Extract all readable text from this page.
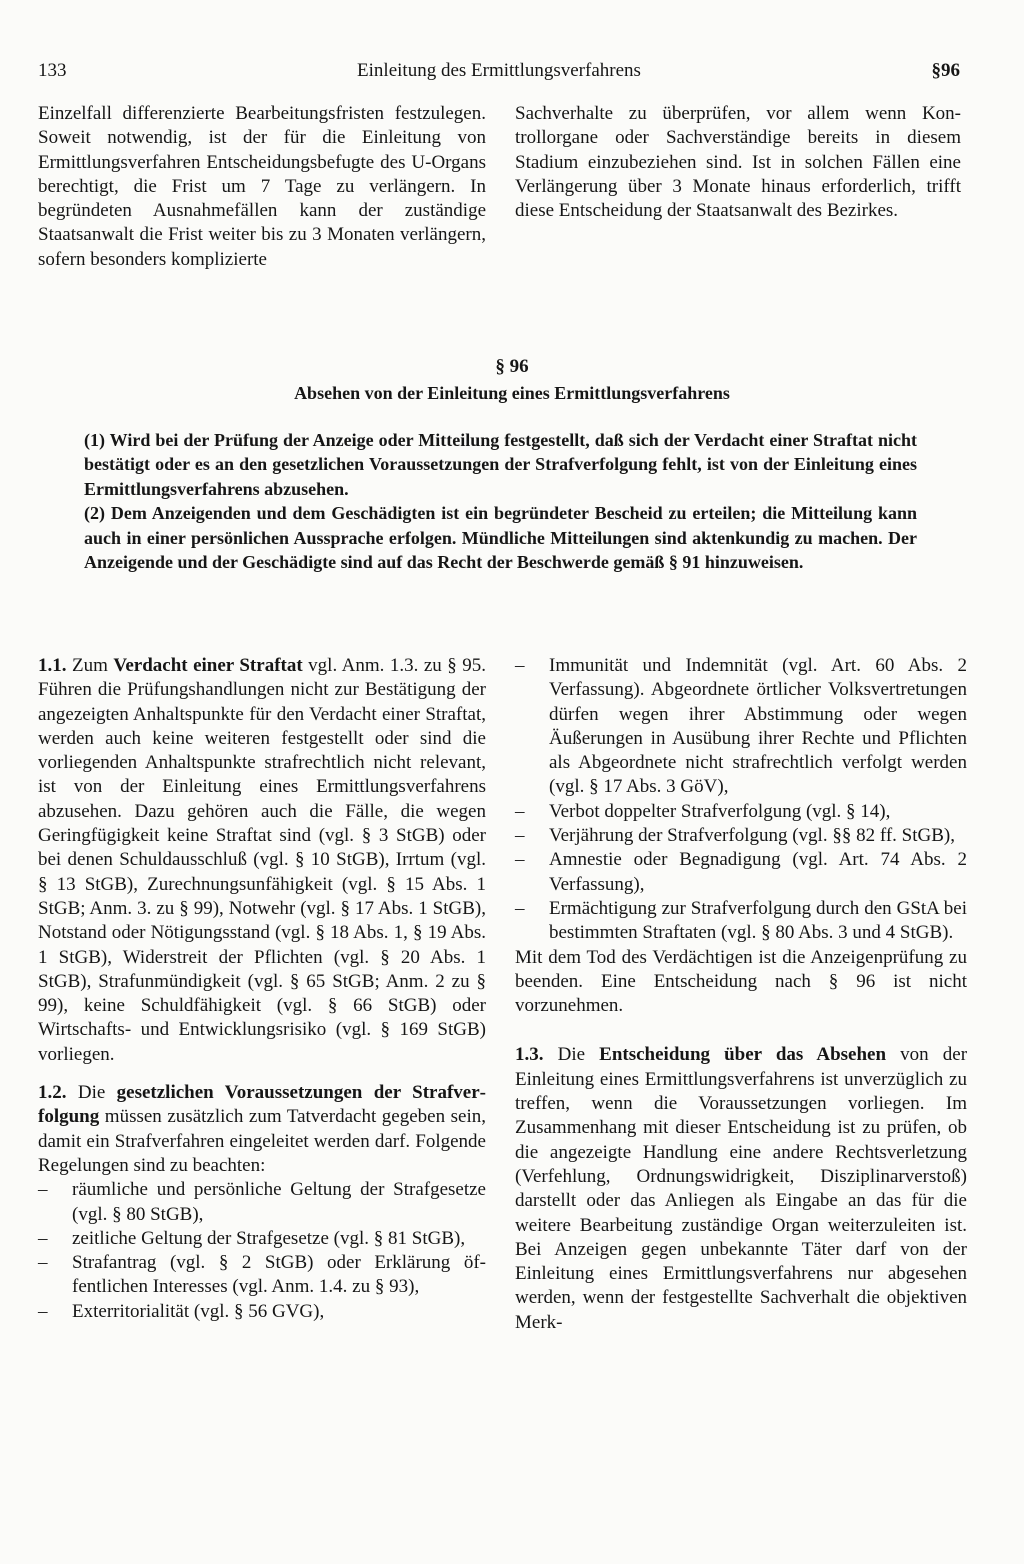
133	Einleitung des Ermittlungsverfahrens	§96

Einzelfall differenzierte Bearbeitungsfristen festzulegen. Soweit notwendig, ist der für die Einleitung von Ermittlungsverfahren Entscheidungsbefugte des U-Organs berechtigt, die Frist um 7 Tage zu verlängern. In begründeten Ausnahmefällen kann der zuständige Staatsanwalt die Frist weiter bis zu 3 Monaten verlängern, sofern besonders komplizierte

Sachverhalte zu überprüfen, vor allem wenn Kontrollorgane oder Sachverständige bereits in diesem Stadium einzubeziehen sind. Ist in solchen Fällen eine Verlängerung über 3 Monate hinaus erforderlich, trifft diese Entscheidung der Staatsanwalt des Bezirkes.

§ 96
Absehen von der Einleitung eines Ermittlungsverfahrens

(1) Wird bei der Prüfung der Anzeige oder Mitteilung festgestellt, daß sich der Verdacht einer Straftat nicht bestätigt oder es an den gesetzlichen Voraussetzungen der Strafverfolgung fehlt, ist von der Einleitung eines Ermittlungsverfahrens abzusehen.

(2) Dem Anzeigenden und dem Geschädigten ist ein begründeter Bescheid zu erteilen; die Mitteilung kann auch in einer persönlichen Aussprache erfolgen. Mündliche Mitteilungen sind aktenkundig zu machen. Der Anzeigende und der Geschädigte sind auf das Recht der Beschwerde gemäß § 91 hinzuweisen.

1.1. Zum Verdacht einer Straftat vgl. Anm. 1.3. zu § 95. Führen die Prüfungshandlungen nicht zur Bestätigung der angezeigten Anhaltspunkte für den Verdacht einer Straftat, werden auch keine weiteren festgestellt oder sind die vorliegenden Anhaltspunkte strafrechtlich nicht relevant, ist von der Einleitung eines Ermittlungsverfahrens abzusehen. Dazu gehören auch die Fälle, die wegen Geringfügigkeit keine Straftat sind (vgl. § 3 StGB) oder bei denen Schuldausschluß (vgl. § 10 StGB), Irrtum (vgl. § 13 StGB), Zurechnungsunfähigkeit (vgl. § 15 Abs. 1 StGB; Anm. 3. zu § 99), Notwehr (vgl. § 17 Abs. 1 StGB), Notstand oder Nötigungsstand (vgl. § 18 Abs. 1, § 19 Abs. 1 StGB), Widerstreit der Pflichten (vgl. § 20 Abs. 1 StGB), Strafunmündigkeit (vgl. § 65 StGB; Anm. 2 zu § 99), keine Schuldfähigkeit (vgl. § 66 StGB) oder Wirtschafts- und Entwicklungsrisiko (vgl. § 169 StGB) vorliegen.

1.2. Die gesetzlichen Voraussetzungen der Strafverfolgung müssen zusätzlich zum Tatverdacht gegeben sein, damit ein Strafverfahren eingeleitet werden darf. Folgende Regelungen sind zu beachten:

–	räumliche und persönliche Geltung der Strafgesetze (vgl. § 80 StGB),
–	zeitliche Geltung der Strafgesetze (vgl. § 81 StGB),
–	Strafantrag (vgl. § 2 StGB) oder Erklärung öffentlichen Interesses (vgl. Anm. 1.4. zu § 93),
–	Exterritorialität (vgl. § 56 GVG),
–	Immunität und Indemnität (vgl. Art. 60 Abs. 2 Verfassung). Abgeordnete örtlicher Volksvertretungen dürfen wegen ihrer Abstimmung oder wegen Äußerungen in Ausübung ihrer Rechte und Pflichten als Abgeordnete nicht strafrechtlich verfolgt werden (vgl. § 17 Abs. 3 GöV),
–	Verbot doppelter Strafverfolgung (vgl. § 14),
–	Verjährung der Strafverfolgung (vgl. §§ 82 ff. StGB),
–	Amnestie oder Begnadigung (vgl. Art. 74 Abs. 2 Verfassung),
–	Ermächtigung zur Strafverfolgung durch den GStA bei bestimmten Straftaten (vgl. § 80 Abs. 3 und 4 StGB).

Mit dem Tod des Verdächtigen ist die Anzeigenprüfung zu beenden. Eine Entscheidung nach § 96 ist nicht vorzunehmen.

1.3. Die Entscheidung über das Absehen von der Einleitung eines Ermittlungsverfahrens ist unverzüglich zu treffen, wenn die Voraussetzungen vorliegen. Im Zusammenhang mit dieser Entscheidung ist zu prüfen, ob die angezeigte Handlung eine andere Rechtsverletzung (Verfehlung, Ordnungswidrigkeit, Disziplinarverstoß) darstellt oder das Anliegen als Eingabe an das für die weitere Bearbeitung zuständige Organ weiterzuleiten ist. Bei Anzeigen gegen unbekannte Täter darf von der Einleitung eines Ermittlungsverfahrens nur abgesehen werden, wenn der festgestellte Sachverhalt die objektiven Merk-
